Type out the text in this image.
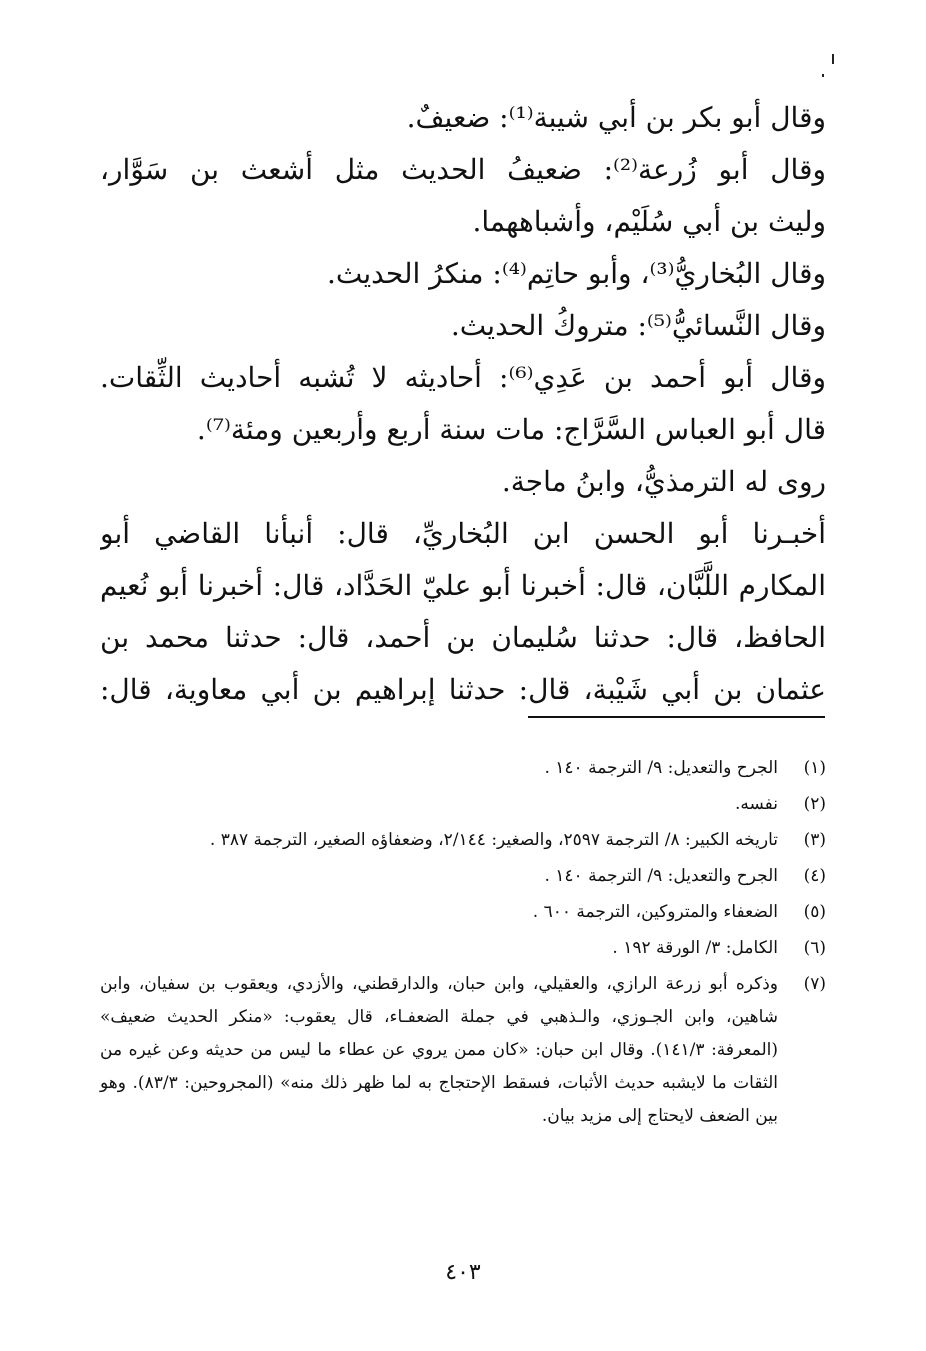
وقال أبو بكر بن أبي شيبة⁽¹⁾: ضعيفٌ.
وقال أبو زُرعة⁽²⁾: ضعيفُ الحديث مثل أشعث بن سَوَّار،
وليث بن أبي سُلَيْم، وأشباههما.
وقال البُخاريُّ⁽³⁾، وأبو حاتِم⁽⁴⁾: منكرُ الحديث.
وقال النَّسائيُّ⁽⁵⁾: متروكُ الحديث.
وقال أبو أحمد بن عَدِي⁽⁶⁾: أحاديثه لا تُشبه أحاديث الثِّقات.
قال أبو العباس السَّرَّاج: مات سنة أربع وأربعين ومئة⁽⁷⁾.
روى له الترمذيُّ، وابنُ ماجة.
أخبـرنا أبو الحسن ابن البُخاريِّ، قال: أنبأنا القاضي أبو
المكارم اللَّبَّان، قال: أخبرنا أبو عليّ الحَدَّاد، قال: أخبرنا أبو نُعيم
الحافظ، قال: حدثنا سُليمان بن أحمد، قال: حدثنا محمد بن
عثمان بن أبي شَيْبة، قال: حدثنا إبراهيم بن أبي معاوية، قال:
(١)
الجرح والتعديل: ٩/ الترجمة ١٤٠ .
(٢)
نفسه.
(٣)
تاريخه الكبير: ٨/ الترجمة ٢٥٩٧، والصغير: ٢/١٤٤، وضعفاؤه الصغير، الترجمة ٣٨٧ .
(٤)
الجرح والتعديل: ٩/ الترجمة ١٤٠ .
(٥)
الضعفاء والمتروكين، الترجمة ٦٠٠ .
(٦)
الكامل: ٣/ الورقة ١٩٢ .
(٧)
وذكره أبو زرعة الرازي، والعقيلي، وابن حبان، والدارقطني، والأزدي، ويعقوب بن سفيان، وابن شاهين، وابن الجـوزي، والـذهبي في جملة الضعفـاء، قال يعقوب: «منكر الحديث ضعيف» (المعرفة: ١٤١/٣). وقال ابن حبان: «كان ممن يروي عن عطاء ما ليس من حديثه وعن غيره من الثقات ما لايشبه حديث الأثبات، فسقط الإحتجاج به لما ظهر ذلك منه» (المجروحين: ٨٣/٣). وهو بين الضعف لايحتاج إلى مزيد بيان.
٤٠٣
